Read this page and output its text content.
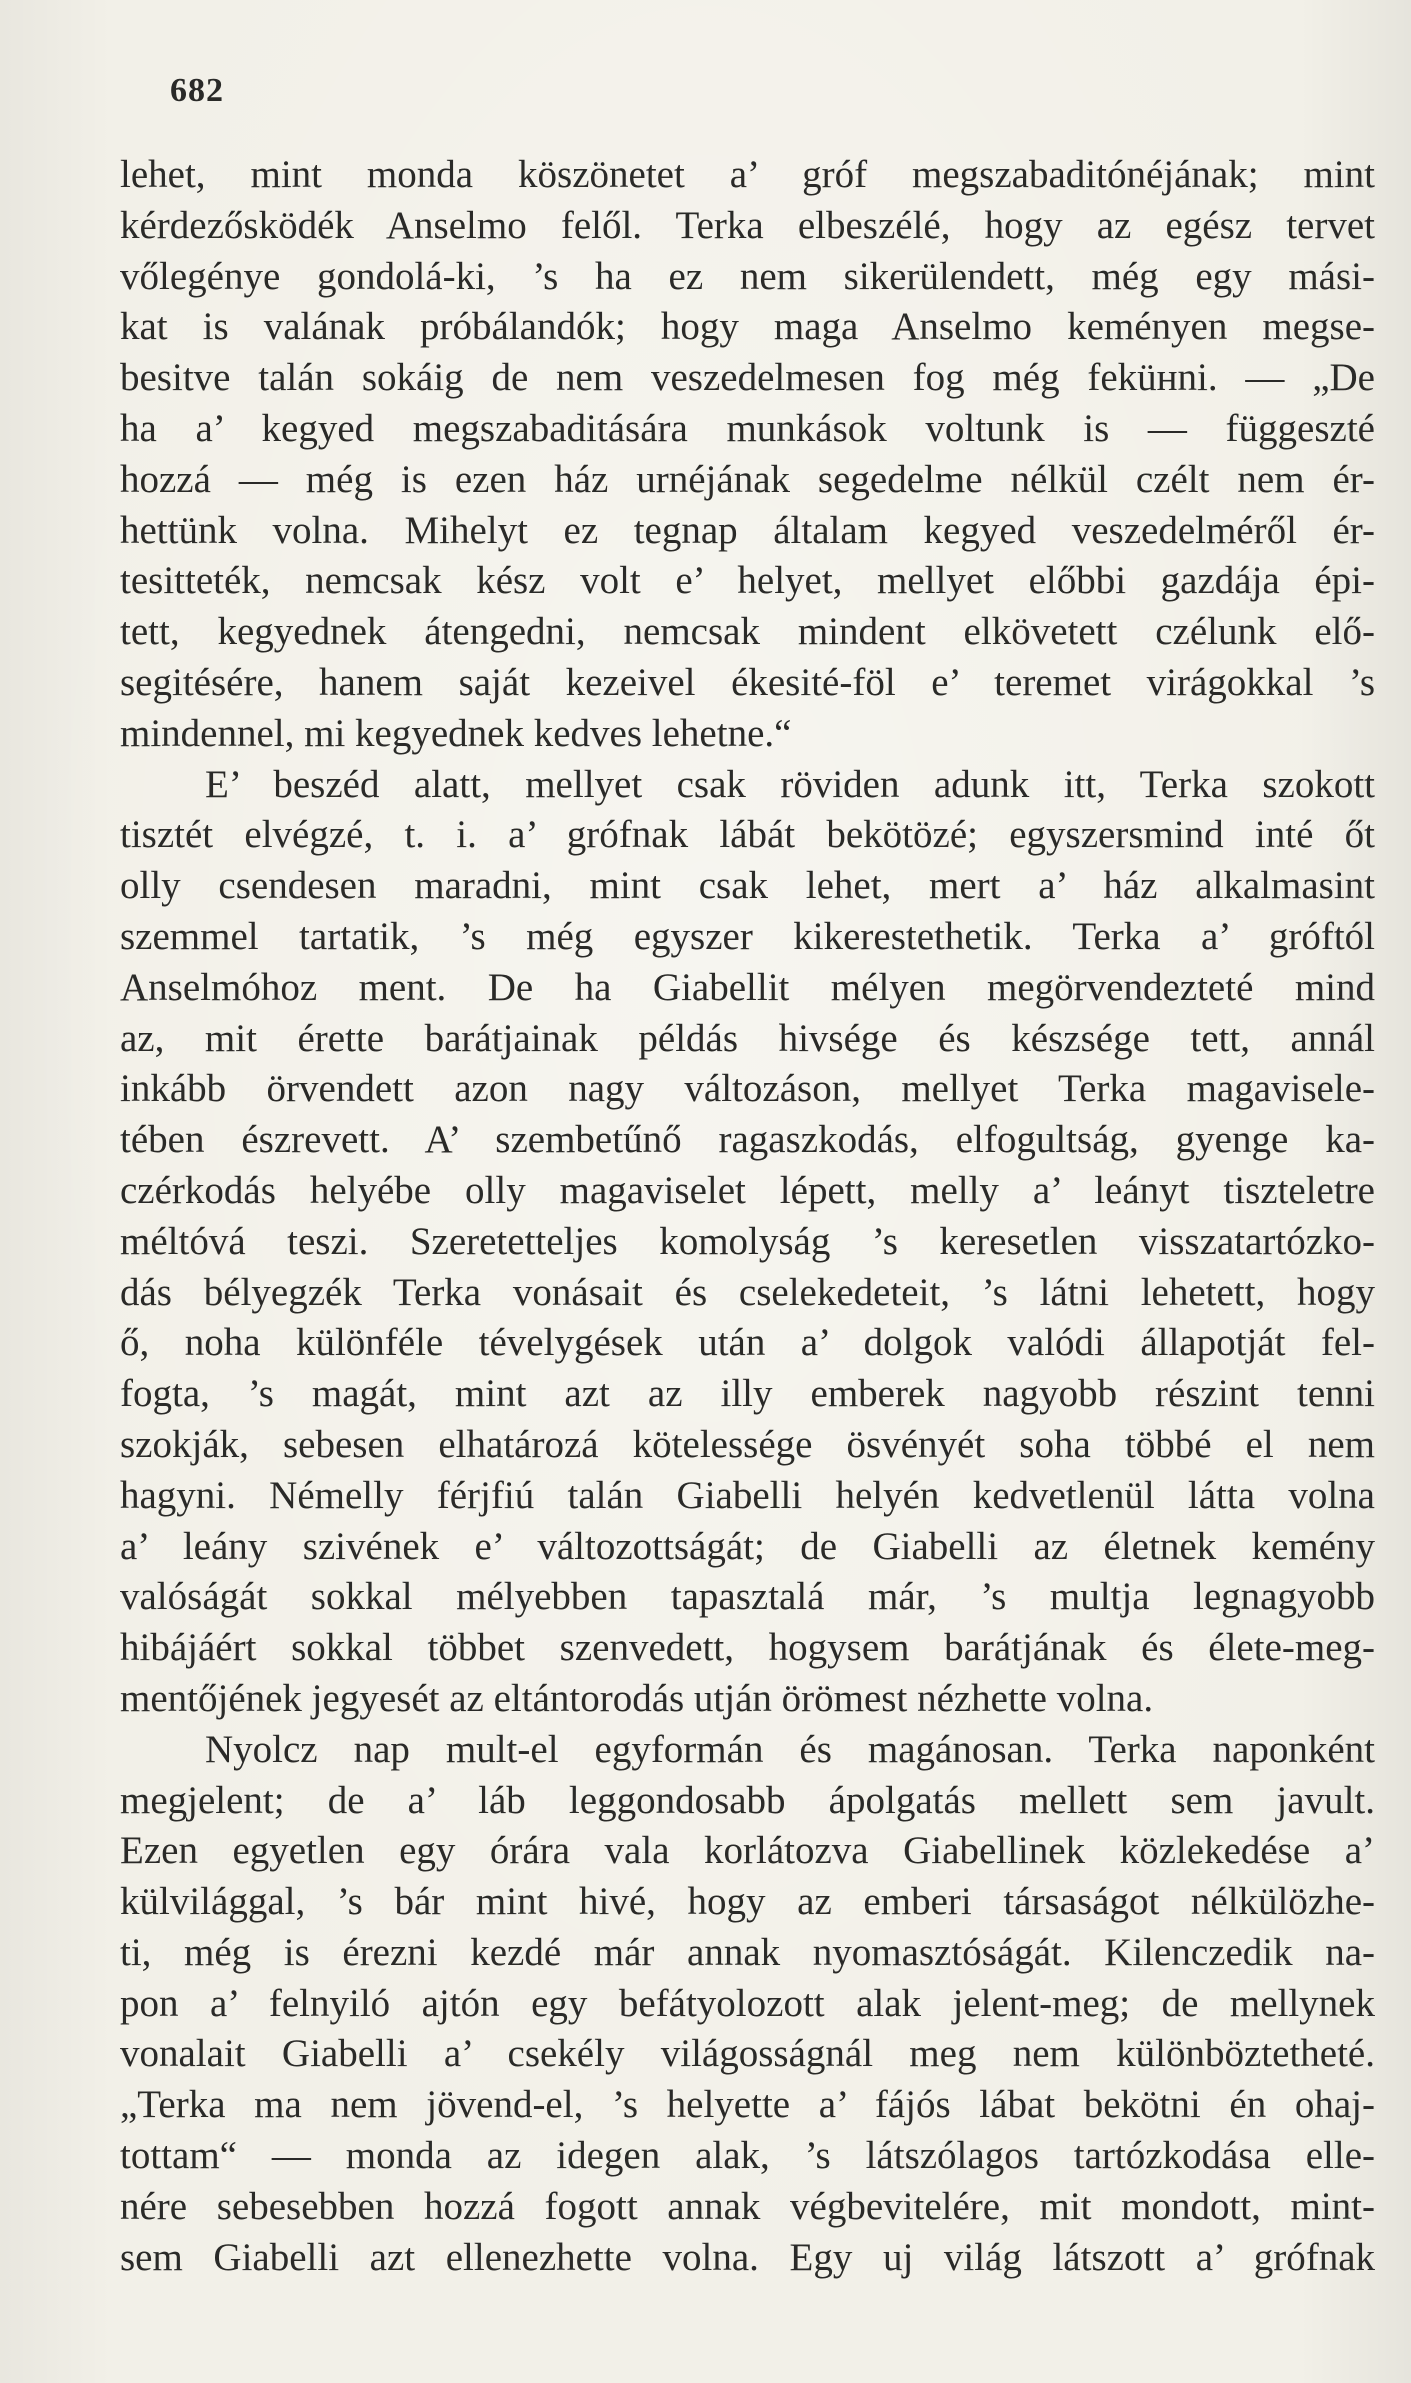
682
lehet, mint monda köszönetet a’ gróf megszabaditónéjának; mint
kérdezősködék Anselmo felől. Terka elbeszélé, hogy az egész tervet
vőlegénye gondolá-ki, ’s ha ez nem sikerülendett, még egy mási-
kat is valának próbálandók; hogy maga Anselmo keményen megse-
besitve talán sokáig de nem veszedelmesen fog még feküнni. — „De
ha a’ kegyed megszabaditására munkások voltunk is — függeszté
hozzá — még is ezen ház urnéjának segedelme nélkül czélt nem ér-
hettünk volna. Mihelyt ez tegnap általam kegyed veszedelméről ér-
tesitteték, nemcsak kész volt e’ helyet, mellyet előbbi gazdája épi-
tett, kegyednek átengedni, nemcsak mindent elkövetett czélunk elő-
segitésére, hanem saját kezeivel ékesité-föl e’ teremet virágokkal ’s
mindennel, mi kegyednek kedves lehetne.“
E’ beszéd alatt, mellyet csak röviden adunk itt, Terka szokott
tisztét elvégzé, t. i. a’ grófnak lábát bekötözé; egyszersmind inté őt
olly csendesen maradni, mint csak lehet, mert a’ ház alkalmasint
szemmel tartatik, ’s még egyszer kikerestethetik. Terka a’ gróftól
Anselmóhoz ment. De ha Giabellit mélyen megörvendezteté mind
az, mit érette barátjainak példás hivsége és készsége tett, annál
inkább örvendett azon nagy változáson, mellyet Terka magavisele-
tében észrevett. A’ szembetűnő ragaszkodás, elfogultság, gyenge ka-
czérkodás helyébe olly magaviselet lépett, melly a’ leányt tiszteletre
méltóvá teszi. Szeretetteljes komolyság ’s keresetlen visszatartózko-
dás bélyegzék Terka vonásait és cselekedeteit, ’s látni lehetett, hogy
ő, noha különféle tévelygések után a’ dolgok valódi állapotját fel-
fogta, ’s magát, mint azt az illy emberek nagyobb részint tenni
szokják, sebesen elhatározá kötelessége ösvényét soha többé el nem
hagyni. Némelly férjfiú talán Giabelli helyén kedvetlenül látta volna
a’ leány szivének e’ változottságát; de Giabelli az életnek kemény
valóságát sokkal mélyebben tapasztalá már, ’s multja legnagyobb
hibájáért sokkal többet szenvedett, hogysem barátjának és élete-meg-
mentőjének jegyesét az eltántorodás utján örömest nézhette volna.
Nyolcz nap mult-el egyformán és magánosan. Terka naponként
megjelent; de a’ láb leggondosabb ápolgatás mellett sem javult.
Ezen egyetlen egy órára vala korlátozva Giabellinek közlekedése a’
külvilággal, ’s bár mint hivé, hogy az emberi társaságot nélkülözhe-
ti, még is érezni kezdé már annak nyomasztóságát. Kilenczedik na-
pon a’ felnyiló ajtón egy befátyolozott alak jelent-meg; de mellynek
vonalait Giabelli a’ csekély világosságnál meg nem különböztetheté.
„Terka ma nem jövend-el, ’s helyette a’ fájós lábat bekötni én ohaj-
tottam“ — monda az idegen alak, ’s látszólagos tartózkodása elle-
nére sebesebben hozzá fogott annak végbevitelére, mit mondott, mint-
sem Giabelli azt ellenezhette volna. Egy uj világ látszott a’ grófnak
